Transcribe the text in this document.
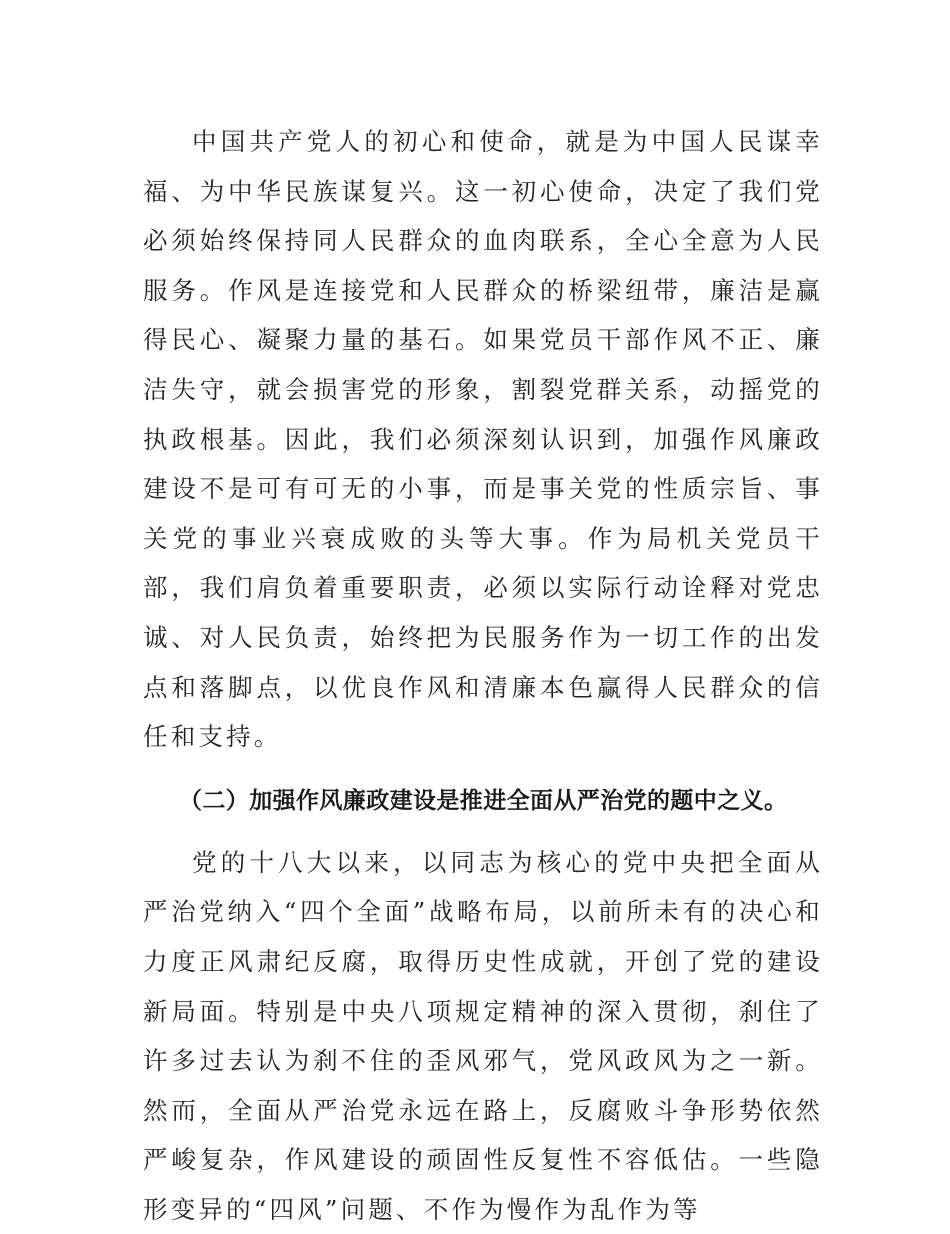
中国共产党人的初心和使命，就是为中国人民谋幸福、为中华民族谋复兴。这一初心使命，决定了我们党必须始终保持同人民群众的血肉联系，全心全意为人民服务。作风是连接党和人民群众的桥梁纽带，廉洁是赢得民心、凝聚力量的基石。如果党员干部作风不正、廉洁失守，就会损害党的形象，割裂党群关系，动摇党的执政根基。因此，我们必须深刻认识到，加强作风廉政建设不是可有可无的小事，而是事关党的性质宗旨、事关党的事业兴衰成败的头等大事。作为局机关党员干部，我们肩负着重要职责，必须以实际行动诠释对党忠诚、对人民负责，始终把为民服务作为一切工作的出发点和落脚点，以优良作风和清廉本色赢得人民群众的信任和支持。

（二）加强作风廉政建设是推进全面从严治党的题中之义。

党的十八大以来，以同志为核心的党中央把全面从严治党纳入“四个全面”战略布局，以前所未有的决心和力度正风肃纪反腐，取得历史性成就，开创了党的建设新局面。特别是中央八项规定精神的深入贯彻，刹住了许多过去认为刹不住的歪风邪气，党风政风为之一新。然而，全面从严治党永远在路上，反腐败斗争形势依然严峻复杂，作风建设的顽固性反复性不容低估。一些隐形变异的“四风”问题、不作为慢作为乱作为等
